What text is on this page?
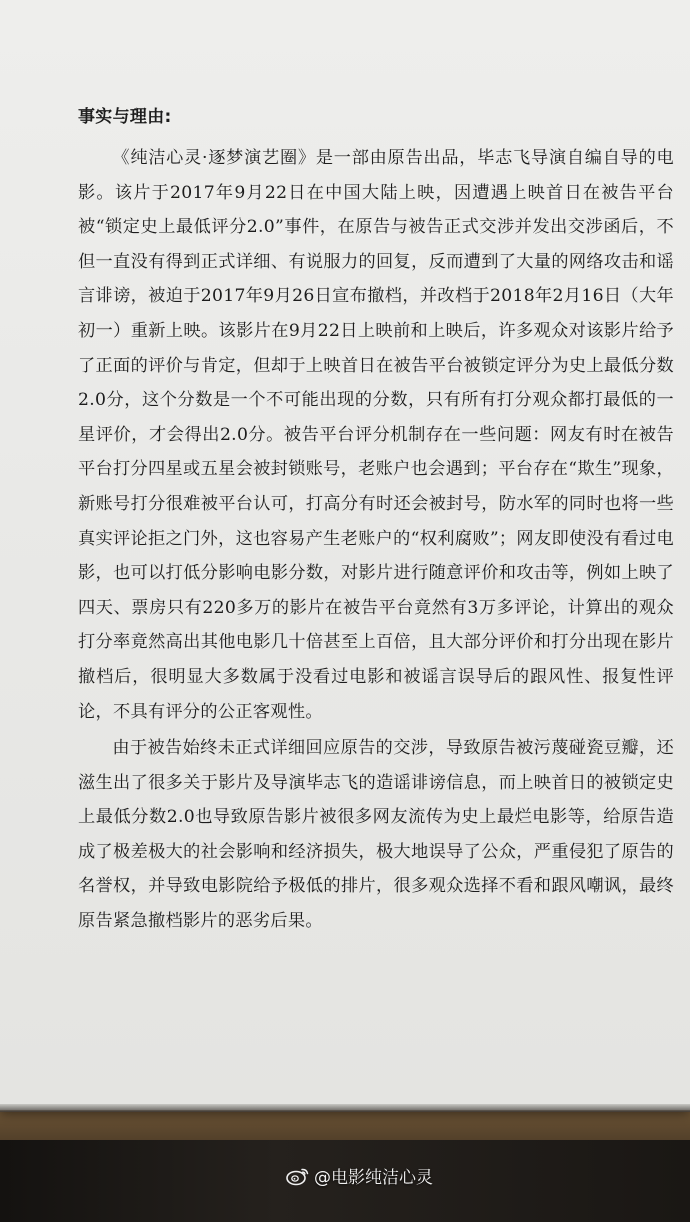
事实与理由:

《纯洁心灵·逐梦演艺圈》是一部由原告出品，毕志飞导演自编自导的电影。该片于2017年9月22日在中国大陆上映，因遭遇上映首日在被告平台被“锁定史上最低评分2.0”事件，在原告与被告正式交涉并发出交涉函后，不但一直没有得到正式详细、有说服力的回复，反而遭到了大量的网络攻击和谣言诽谤，被迫于2017年9月26日宣布撤档，并改档于2018年2月16日（大年初一）重新上映。该影片在9月22日上映前和上映后，许多观众对该影片给予了正面的评价与肯定，但却于上映首日在被告平台被锁定评分为史上最低分数2.0分，这个分数是一个不可能出现的分数，只有所有打分观众都打最低的一星评价，才会得出2.0分。被告平台评分机制存在一些问题：网友有时在被告平台打分四星或五星会被封锁账号，老账户也会遇到；平台存在“欺生”现象，新账号打分很难被平台认可，打高分有时还会被封号，防水军的同时也将一些真实评论拒之门外，这也容易产生老账户的“权利腐败”；网友即使没有看过电影，也可以打低分影响电影分数，对影片进行随意评价和攻击等，例如上映了四天、票房只有220多万的影片在被告平台竟然有3万多评论，计算出的观众打分率竟然高出其他电影几十倍甚至上百倍，且大部分评价和打分出现在影片撤档后，很明显大多数属于没看过电影和被谣言误导后的跟风性、报复性评论，不具有评分的公正客观性。

由于被告始终未正式详细回应原告的交涉，导致原告被污蔑碰瓷豆瓣，还滋生出了很多关于影片及导演毕志飞的造谣诽谤信息，而上映首日的被锁定史上最低分数2.0也导致原告影片被很多网友流传为史上最烂电影等，给原告造成了极差极大的社会影响和经济损失，极大地误导了公众，严重侵犯了原告的名誉权，并导致电影院给予极低的排片，很多观众选择不看和跟风嘲讽，最终原告紧急撤档影片的恶劣后果。

@电影纯洁心灵
